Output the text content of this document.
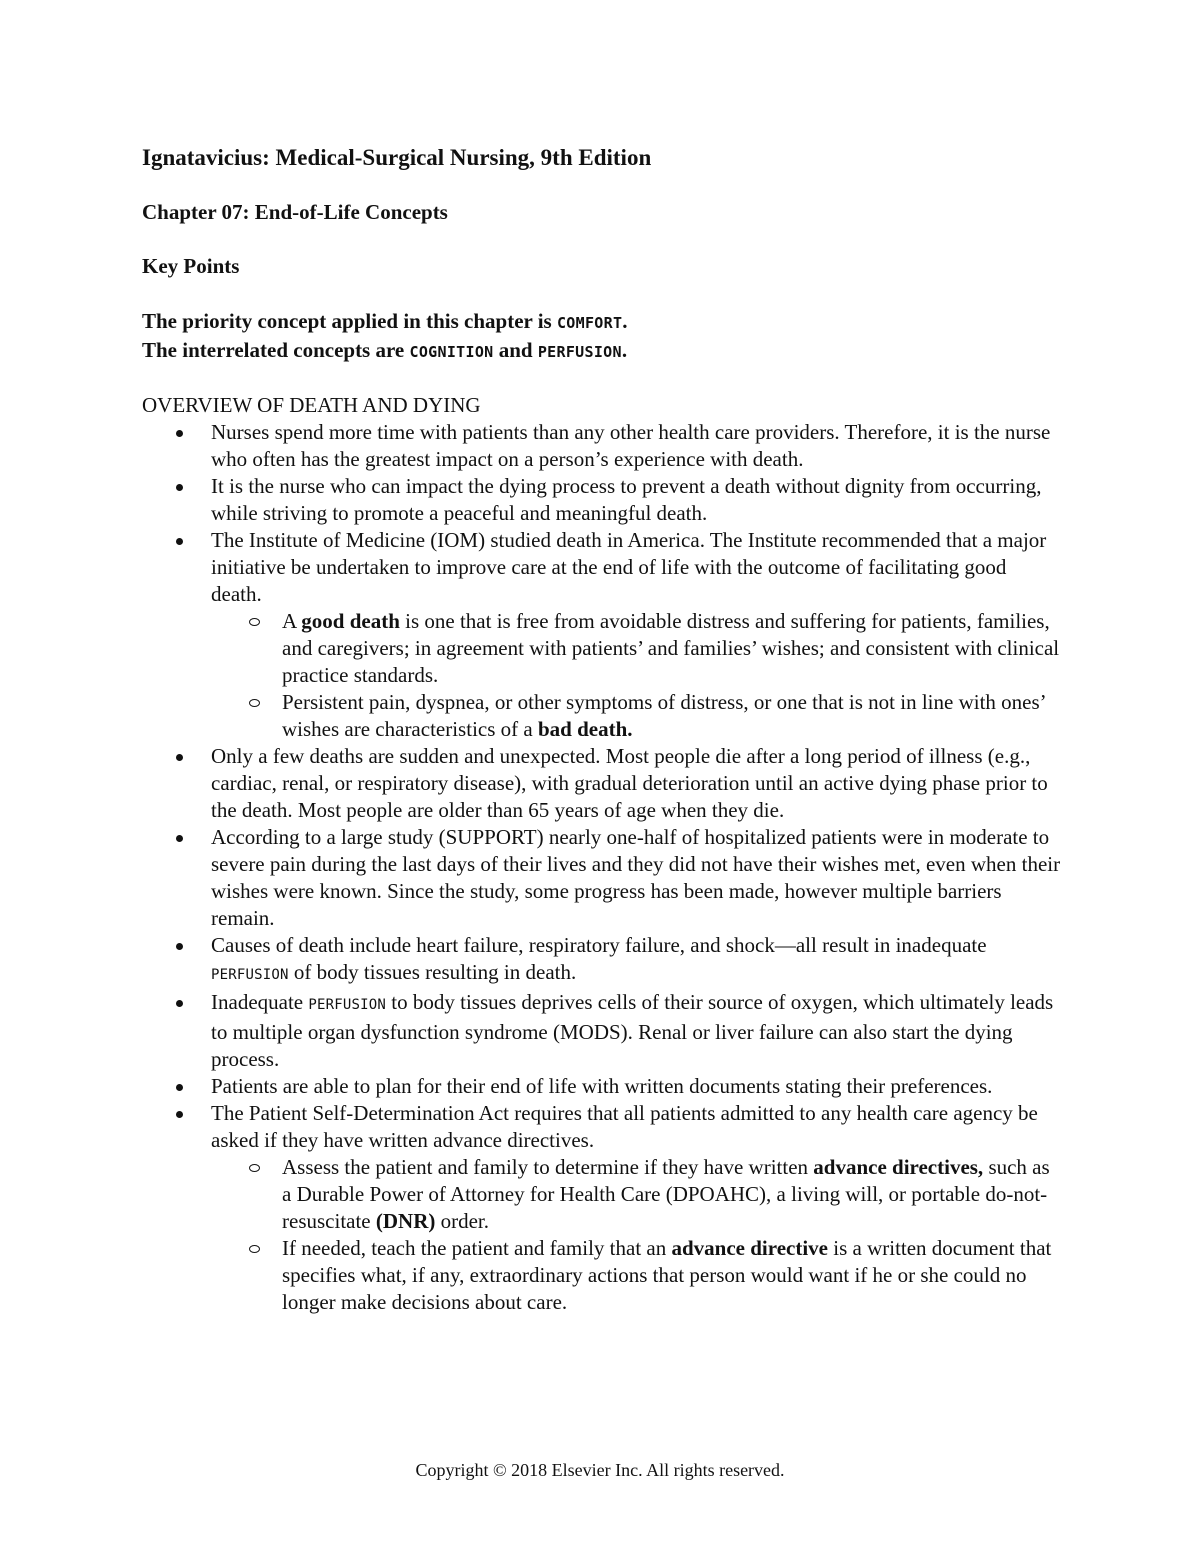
Ignatavicius: Medical-Surgical Nursing, 9th Edition

Chapter 07: End-of-Life Concepts

Key Points

The priority concept applied in this chapter is COMFORT.

The interrelated concepts are COGNITION and PERFUSION.

OVERVIEW OF DEATH AND DYING

Nurses spend more time with patients than any other health care providers. Therefore, it is the nurse who often has the greatest impact on a person’s experience with death.
It is the nurse who can impact the dying process to prevent a death without dignity from occurring, while striving to promote a peaceful and meaningful death.
The Institute of Medicine (IOM) studied death in America. The Institute recommended that a major initiative be undertaken to improve care at the end of life with the outcome of facilitating good death.
A good death is one that is free from avoidable distress and suffering for patients, families, and caregivers; in agreement with patients’ and families’ wishes; and consistent with clinical practice standards.
Persistent pain, dyspnea, or other symptoms of distress, or one that is not in line with ones’ wishes are characteristics of a bad death.
Only a few deaths are sudden and unexpected. Most people die after a long period of illness (e.g., cardiac, renal, or respiratory disease), with gradual deterioration until an active dying phase prior to the death. Most people are older than 65 years of age when they die.
According to a large study (SUPPORT) nearly one-half of hospitalized patients were in moderate to severe pain during the last days of their lives and they did not have their wishes met, even when their wishes were known. Since the study, some progress has been made, however multiple barriers remain.
Causes of death include heart failure, respiratory failure, and shock—all result in inadequate PERFUSION of body tissues resulting in death.
Inadequate PERFUSION to body tissues deprives cells of their source of oxygen, which ultimately leads to multiple organ dysfunction syndrome (MODS). Renal or liver failure can also start the dying process.
Patients are able to plan for their end of life with written documents stating their preferences.
The Patient Self-Determination Act requires that all patients admitted to any health care agency be asked if they have written advance directives.
Assess the patient and family to determine if they have written advance directives, such as a Durable Power of Attorney for Health Care (DPOAHC), a living will, or portable do-not-resuscitate (DNR) order.
If needed, teach the patient and family that an advance directive is a written document that specifies what, if any, extraordinary actions that person would want if he or she could no longer make decisions about care.
Copyright © 2018 Elsevier Inc. All rights reserved.
